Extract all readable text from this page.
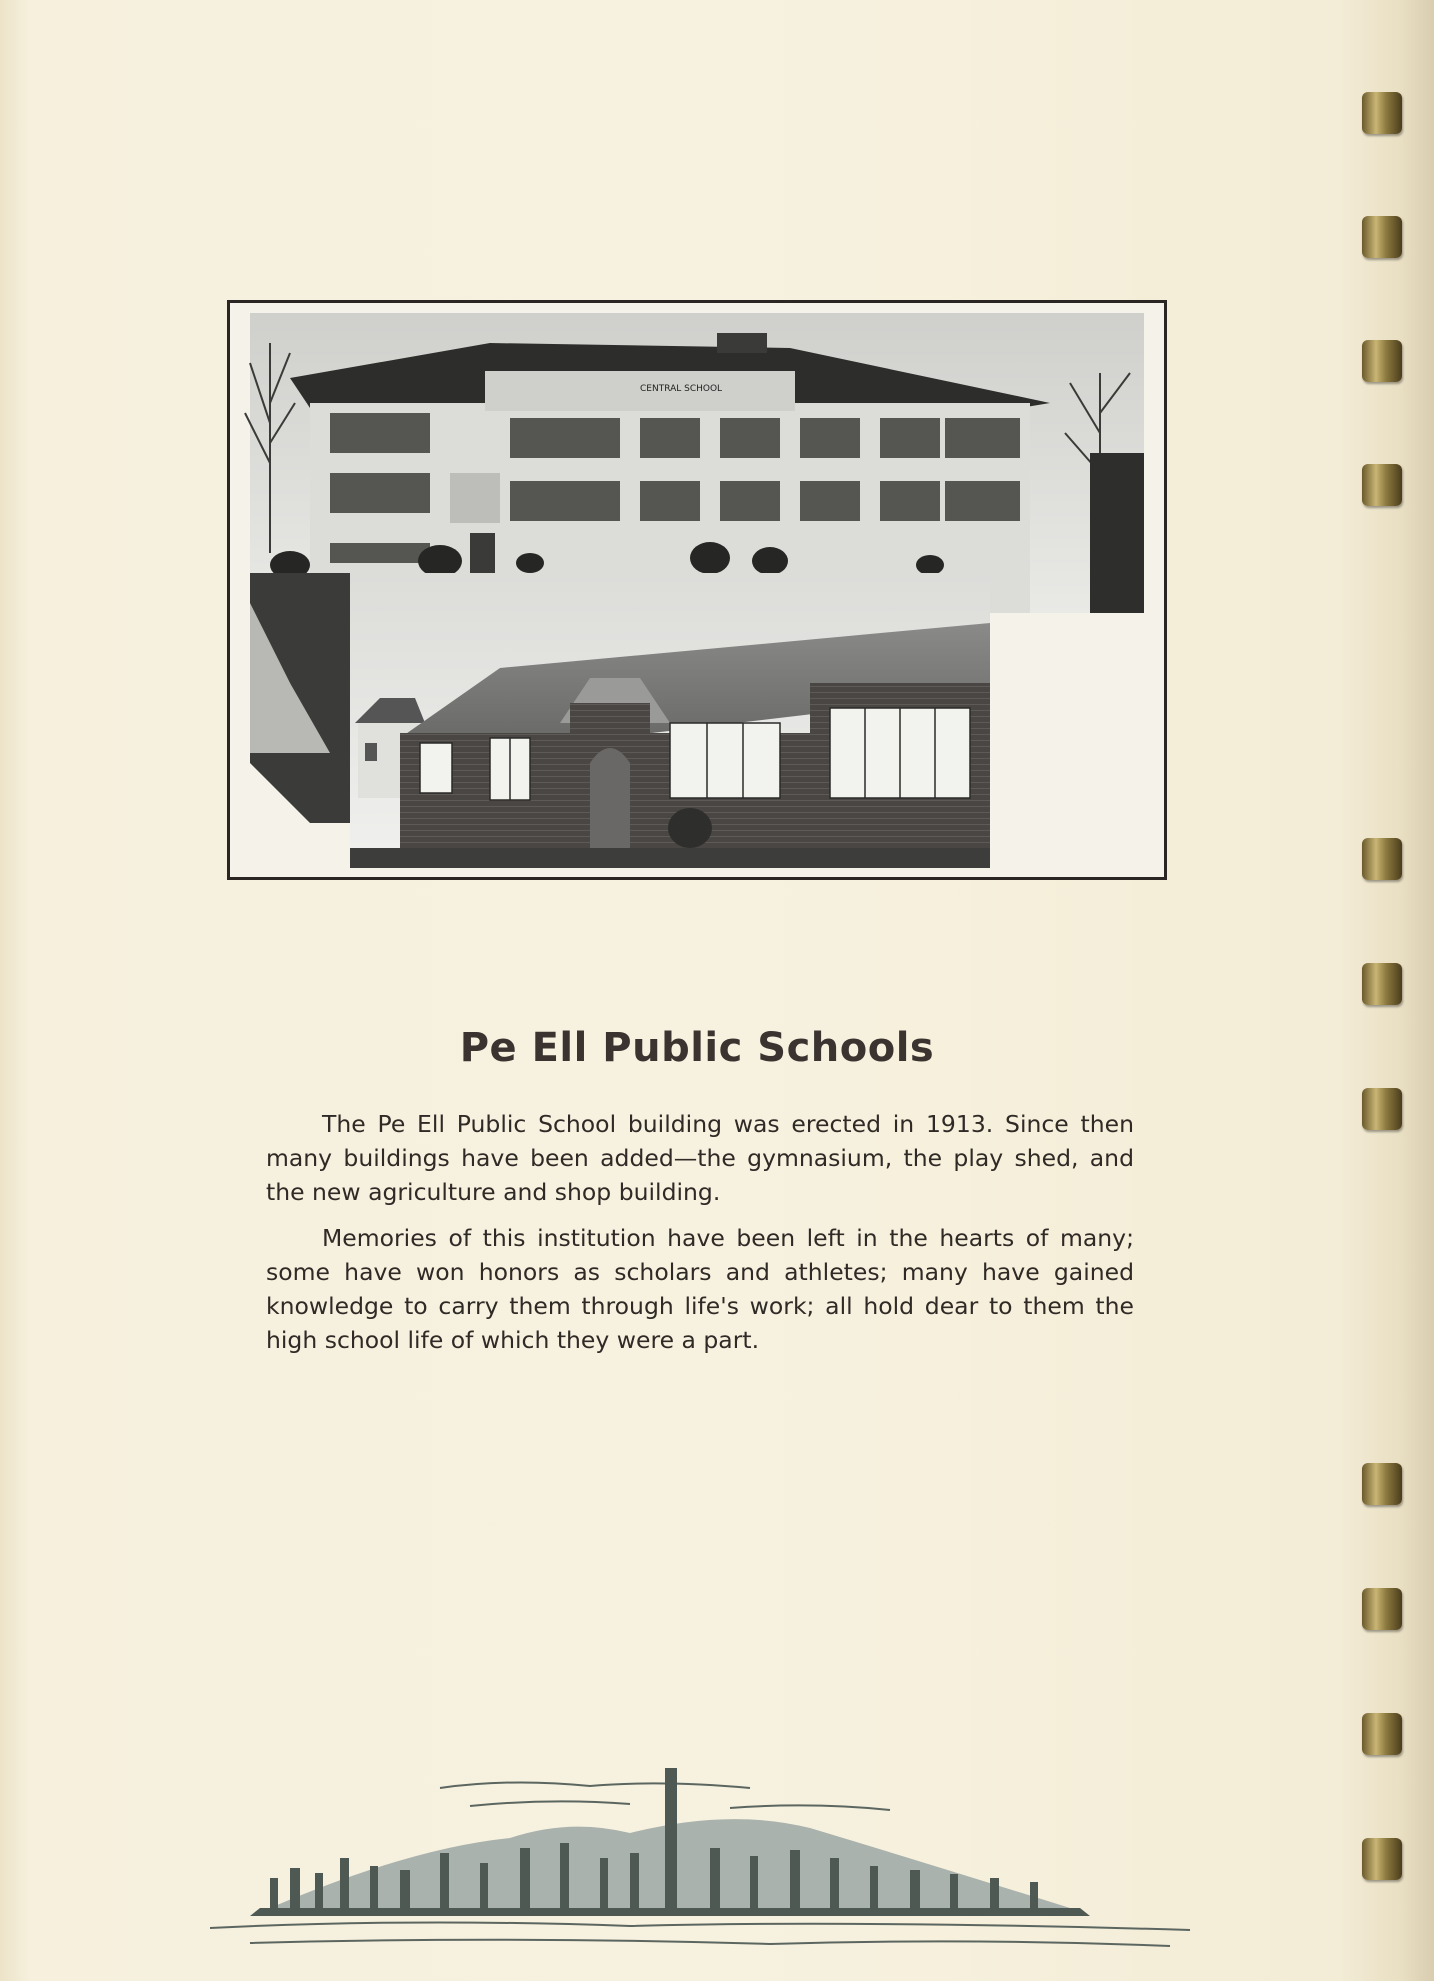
CENTRAL SCHOOL
Pe Ell Public Schools

The Pe Ell Public School building was erected in 1913. Since then many buildings have been added—the gymnasium, the play shed, and the new agriculture and shop building.

Memories of this institution have been left in the hearts of many; some have won honors as scholars and athletes; many have gained knowledge to carry them through life's work; all hold dear to them the high school life of which they were a part.
